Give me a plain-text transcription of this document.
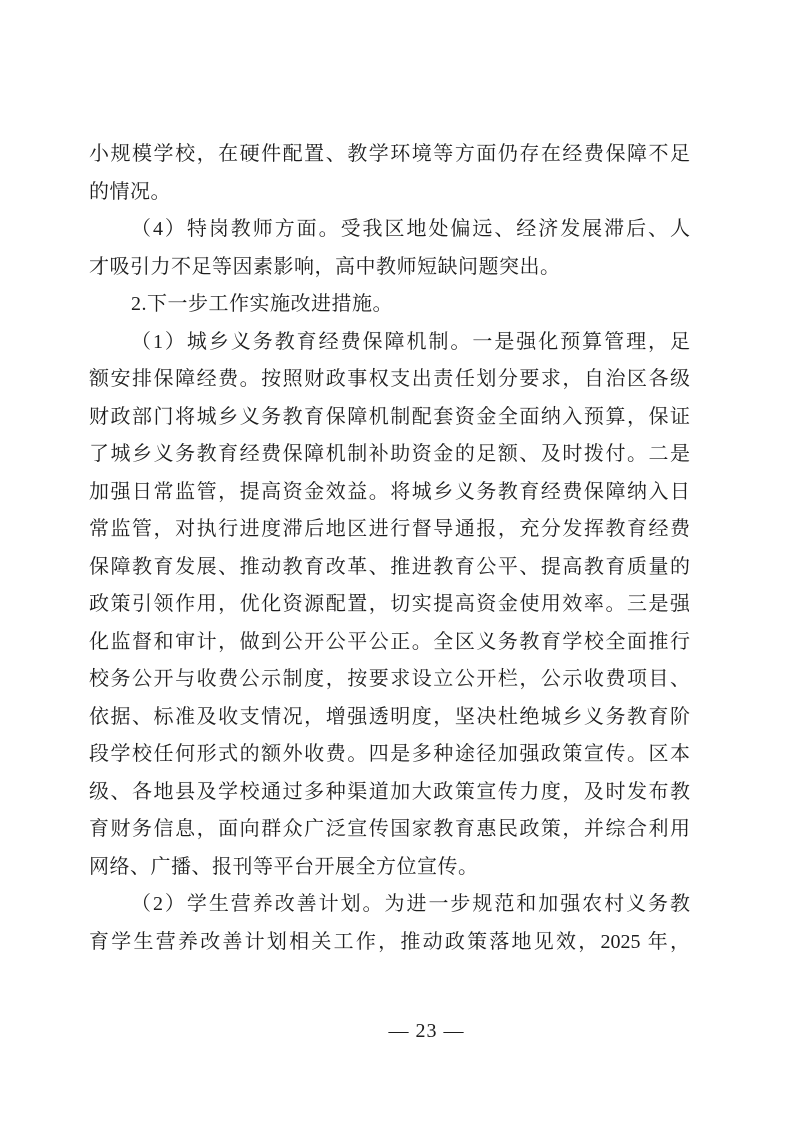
小规模学校，在硬件配置、教学环境等方面仍存在经费保障不足
的情况。
（4）特岗教师方面。受我区地处偏远、经济发展滞后、人
才吸引力不足等因素影响，高中教师短缺问题突出。
2.下一步工作实施改进措施。
（1）城乡义务教育经费保障机制。一是强化预算管理，足
额安排保障经费。按照财政事权支出责任划分要求，自治区各级
财政部门将城乡义务教育保障机制配套资金全面纳入预算，保证
了城乡义务教育经费保障机制补助资金的足额、及时拨付。二是
加强日常监管，提高资金效益。将城乡义务教育经费保障纳入日
常监管，对执行进度滞后地区进行督导通报，充分发挥教育经费
保障教育发展、推动教育改革、推进教育公平、提高教育质量的
政策引领作用，优化资源配置，切实提高资金使用效率。三是强
化监督和审计，做到公开公平公正。全区义务教育学校全面推行
校务公开与收费公示制度，按要求设立公开栏，公示收费项目、
依据、标准及收支情况，增强透明度，坚决杜绝城乡义务教育阶
段学校任何形式的额外收费。四是多种途径加强政策宣传。区本
级、各地县及学校通过多种渠道加大政策宣传力度，及时发布教
育财务信息，面向群众广泛宣传国家教育惠民政策，并综合利用
网络、广播、报刊等平台开展全方位宣传。
（2）学生营养改善计划。为进一步规范和加强农村义务教
育学生营养改善计划相关工作，推动政策落地见效，2025 年，
— 23 —
